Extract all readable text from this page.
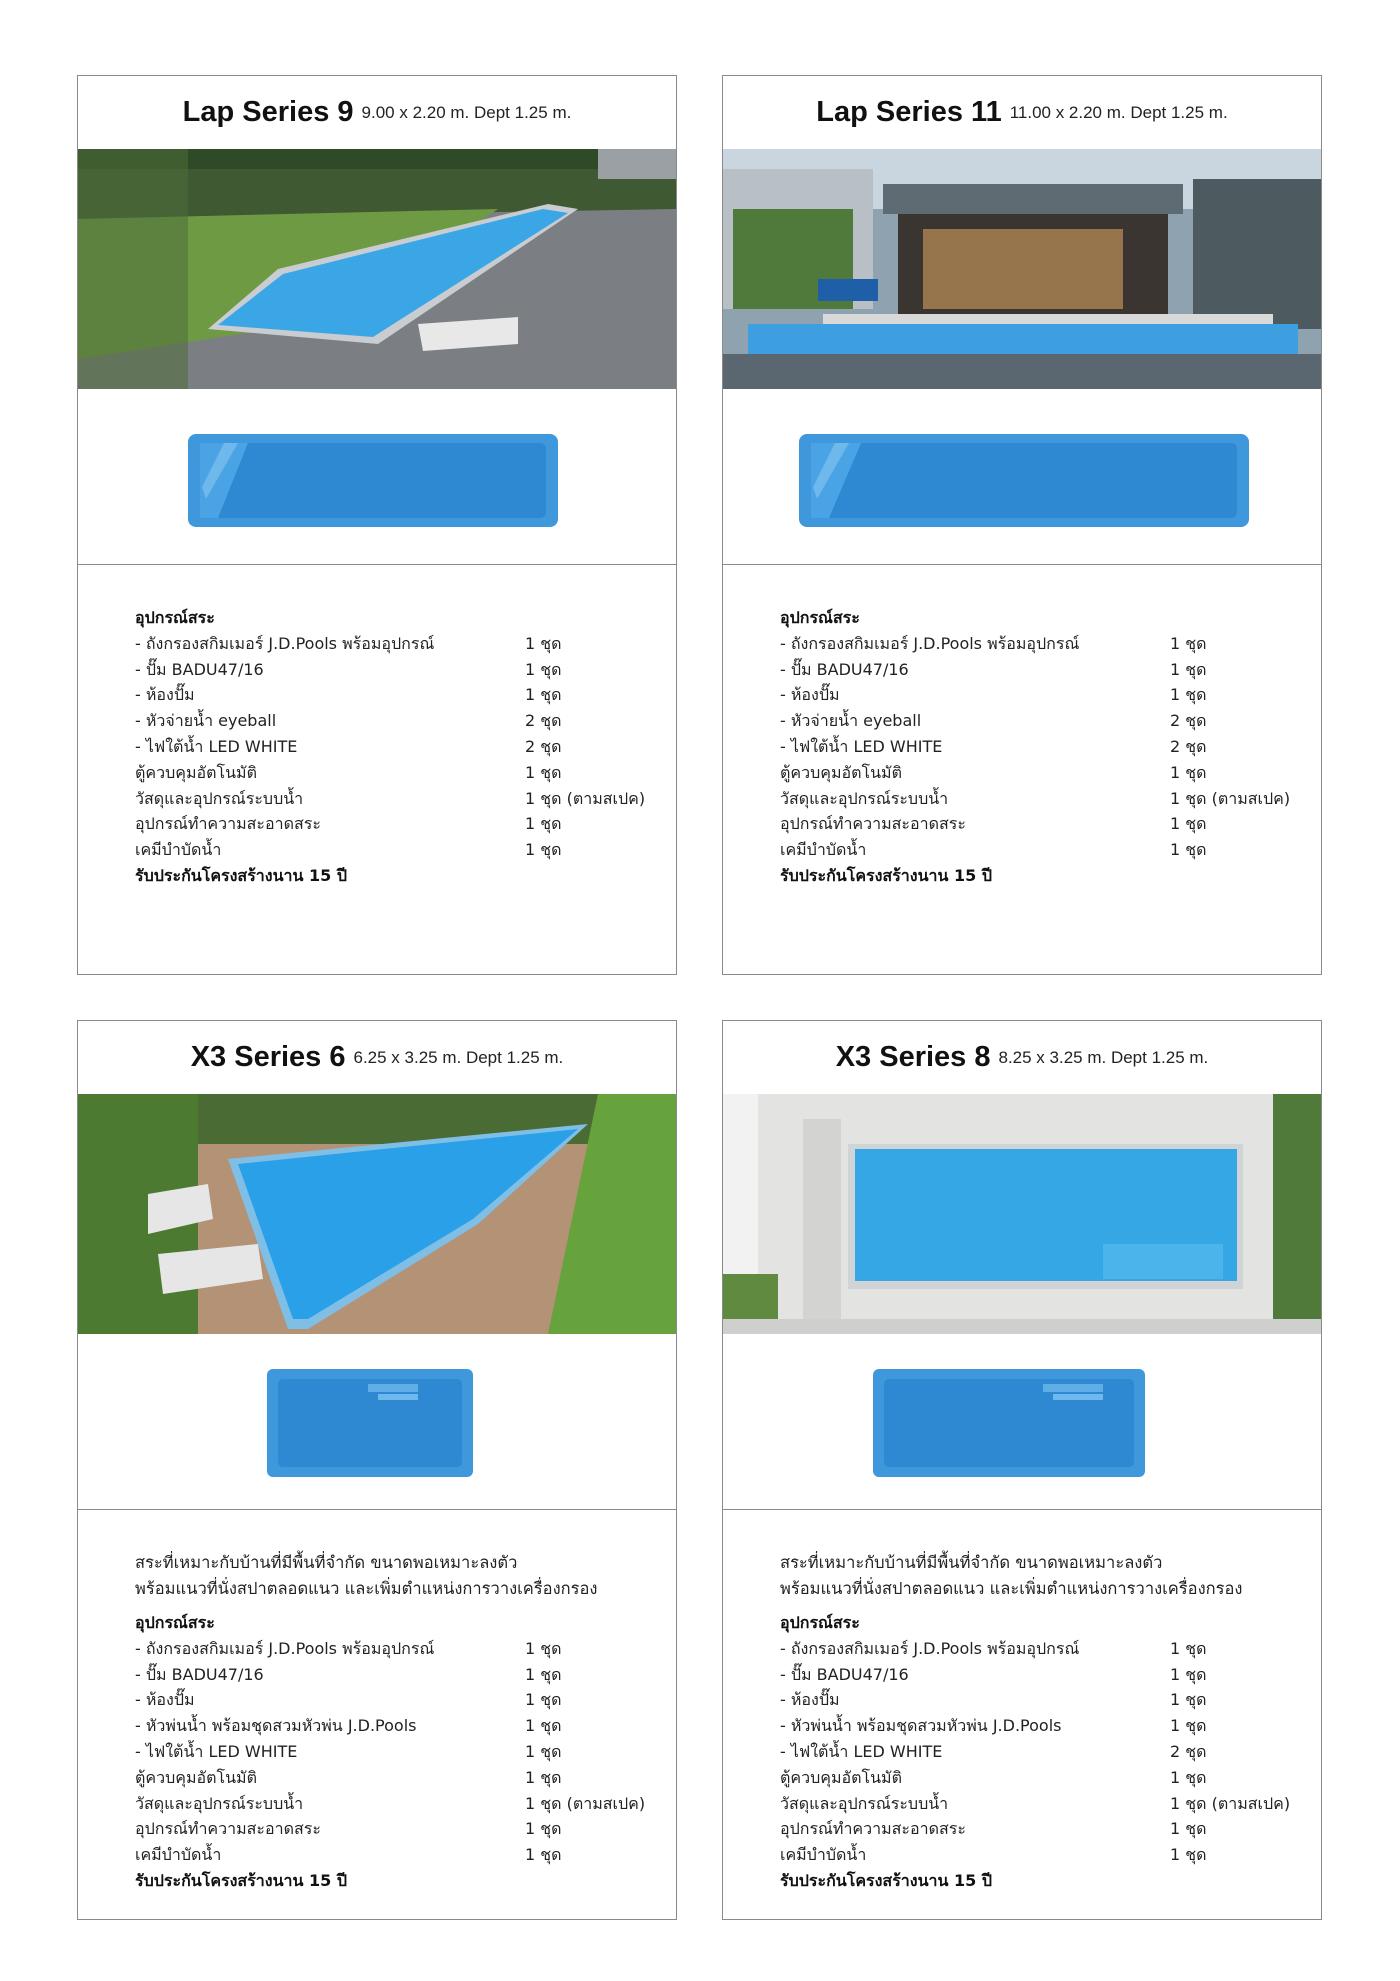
Lap Series 9 9.00 x 2.20 m. Dept 1.25 m.
อุปกรณ์สระ
- ถังกรองสกิมเมอร์ J.D.Pools พร้อมอุปกรณ์	1 ชุด
- ปั๊ม BADU47/16	1 ชุด
- ห้องปั๊ม	1 ชุด
- หัวจ่ายน้ำ eyeball	2 ชุด
- ไฟใต้น้ำ LED WHITE	2 ชุด
ตู้ควบคุมอัตโนมัติ	1 ชุด
วัสดุและอุปกรณ์ระบบน้ำ	1 ชุด (ตามสเปค)
อุปกรณ์ทำความสะอาดสระ	1 ชุด
เคมีบำบัดน้ำ	1 ชุด
รับประกันโครงสร้างนาน 15 ปี
Lap Series 11 11.00 x 2.20 m. Dept 1.25 m.
อุปกรณ์สระ
- ถังกรองสกิมเมอร์ J.D.Pools พร้อมอุปกรณ์	1 ชุด
- ปั๊ม BADU47/16	1 ชุด
- ห้องปั๊ม	1 ชุด
- หัวจ่ายน้ำ eyeball	2 ชุด
- ไฟใต้น้ำ LED WHITE	2 ชุด
ตู้ควบคุมอัตโนมัติ	1 ชุด
วัสดุและอุปกรณ์ระบบน้ำ	1 ชุด (ตามสเปค)
อุปกรณ์ทำความสะอาดสระ	1 ชุด
เคมีบำบัดน้ำ	1 ชุด
รับประกันโครงสร้างนาน 15 ปี
X3 Series 6 6.25 x 3.25 m. Dept 1.25 m.
สระที่เหมาะกับบ้านที่มีพื้นที่จำกัด ขนาดพอเหมาะลงตัว
พร้อมแนวที่นั่งสปาตลอดแนว และเพิ่มตำแหน่งการวางเครื่องกรอง
อุปกรณ์สระ
- ถังกรองสกิมเมอร์ J.D.Pools พร้อมอุปกรณ์	1 ชุด
- ปั๊ม BADU47/16	1 ชุด
- ห้องปั๊ม	1 ชุด
- หัวพ่นน้ำ พร้อมชุดสวมหัวพ่น J.D.Pools	1 ชุด
- ไฟใต้น้ำ LED WHITE	1 ชุด
ตู้ควบคุมอัตโนมัติ	1 ชุด
วัสดุและอุปกรณ์ระบบน้ำ	1 ชุด (ตามสเปค)
อุปกรณ์ทำความสะอาดสระ	1 ชุด
เคมีบำบัดน้ำ	1 ชุด
รับประกันโครงสร้างนาน 15 ปี
X3 Series 8 8.25 x 3.25 m. Dept 1.25 m.
สระที่เหมาะกับบ้านที่มีพื้นที่จำกัด ขนาดพอเหมาะลงตัว
พร้อมแนวที่นั่งสปาตลอดแนว และเพิ่มตำแหน่งการวางเครื่องกรอง
อุปกรณ์สระ
- ถังกรองสกิมเมอร์ J.D.Pools พร้อมอุปกรณ์	1 ชุด
- ปั๊ม BADU47/16	1 ชุด
- ห้องปั๊ม	1 ชุด
- หัวพ่นน้ำ พร้อมชุดสวมหัวพ่น J.D.Pools	1 ชุด
- ไฟใต้น้ำ LED WHITE	2 ชุด
ตู้ควบคุมอัตโนมัติ	1 ชุด
วัสดุและอุปกรณ์ระบบน้ำ	1 ชุด (ตามสเปค)
อุปกรณ์ทำความสะอาดสระ	1 ชุด
เคมีบำบัดน้ำ	1 ชุด
รับประกันโครงสร้างนาน 15 ปี
